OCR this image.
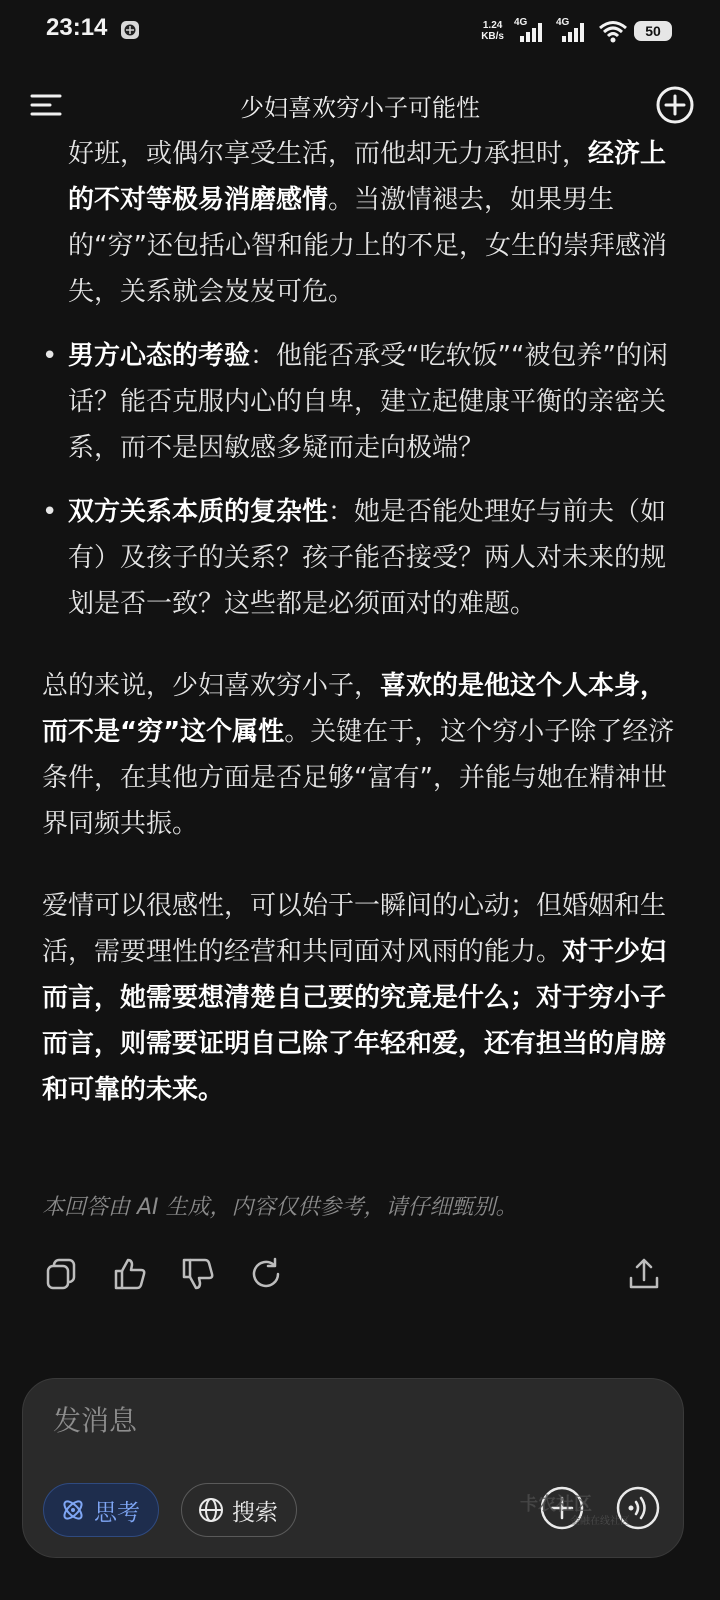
23:14	1.24
KB/s
4G	4G
50
少妇喜欢穷小子可能性

好班，或偶尔享受生活，而他却无力承担时，经济上的不对等极易消磨感情。当激情褪去，如果男生的“穷”还包括心智和能力上的不足，女生的崇拜感消失，关系就会岌岌可危。

• 男方心态的考验：他能否承受“吃软饭”“被包养”的闲话？能否克服内心的自卑，建立起健康平衡的亲密关系，而不是因敏感多疑而走向极端？
• 双方关系本质的复杂性：她是否能处理好与前夫（如有）及孩子的关系？孩子能否接受？两人对未来的规划是否一致？这些都是必须面对的难题。

总的来说，少妇喜欢穷小子，喜欢的是他这个人本身，而不是“穷”这个属性。关键在于，这个穷小子除了经济条件，在其他方面是否足够“富有”，并能与她在精神世界同频共振。

爱情可以很感性，可以始于一瞬间的心动；但婚姻和生活，需要理性的经营和共同面对风雨的能力。对于少妇而言，她需要想清楚自己要的究竟是什么；对于穷小子而言，则需要证明自己除了年轻和爱，还有担当的肩膀和可靠的未来。

本回答由 AI 生成，内容仅供参考，请仔细甄别。
发消息
思考	搜索	卡农社区
金融在线社区
